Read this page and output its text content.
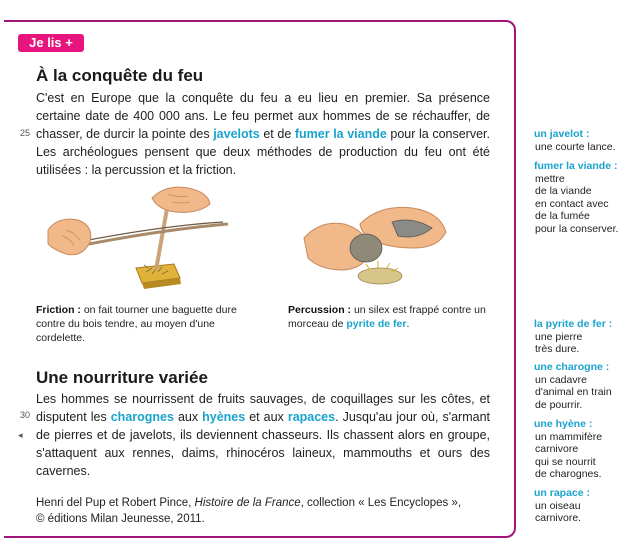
Je lis +
À la conquête du feu

C'est en Europe que la conquête du feu a eu lieu en premier. Sa présence certaine date de 400 000 ans. Le feu permet aux hommes de se réchauffer, de chasser, de durcir la pointe des javelots et de fumer la viande pour la conserver. Les archéologues pensent que deux méthodes de production du feu ont été utilisées : la percussion et la friction.

25

Friction : on fait tourner une baguette dure contre du bois tendre, au moyen d'une cordelette.

Percussion : un silex est frappé contre un morceau de pyrite de fer.

Une nourriture variée

Les hommes se nourrissent de fruits sauvages, de coquillages sur les côtes, et disputent les charognes aux hyènes et aux rapaces. Jusqu'au jour où, s'armant de pierres et de javelots, ils deviennent chasseurs. Ils chassent alors en groupe, s'attaquent aux rennes, daims, rhinocéros laineux, mammouths et ours des cavernes.

30
◂

Henri del Pup et Robert Pince, Histoire de la France, collection « Les Encyclopes »,
© éditions Milan Jeunesse, 2011.

un javelot :
une courte lance.
fumer la viande :
mettre
de la viande
en contact avec
de la fumée
pour la conserver.
la pyrite de fer :
une pierre
très dure.
une charogne :
un cadavre
d'animal en train
de pourrir.
une hyène :
un mammifère
carnivore
qui se nourrit
de charognes.
un rapace :
un oiseau
carnivore.
